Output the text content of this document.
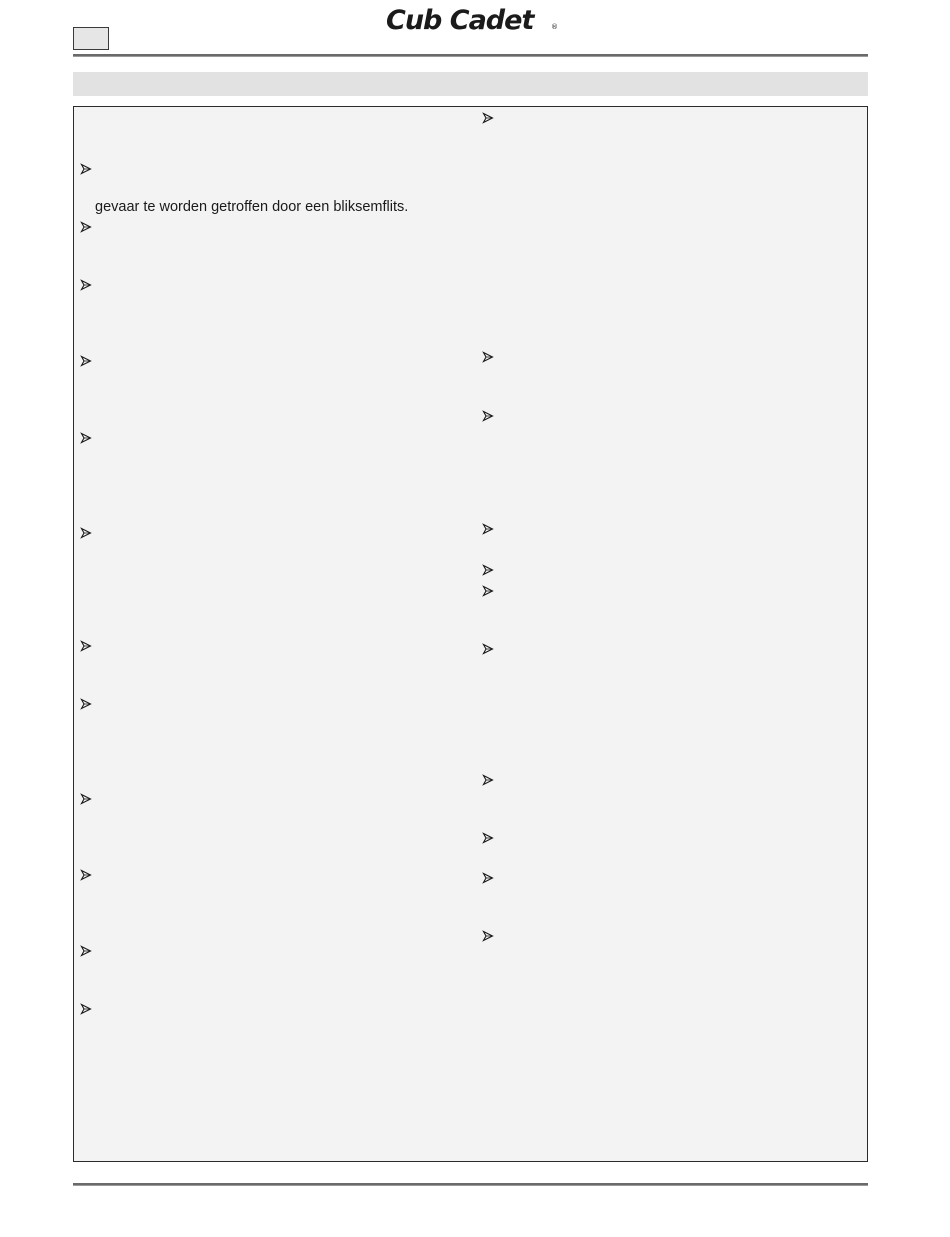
Cub Cadet	®
gevaar te worden getroffen door een bliksemflits.
